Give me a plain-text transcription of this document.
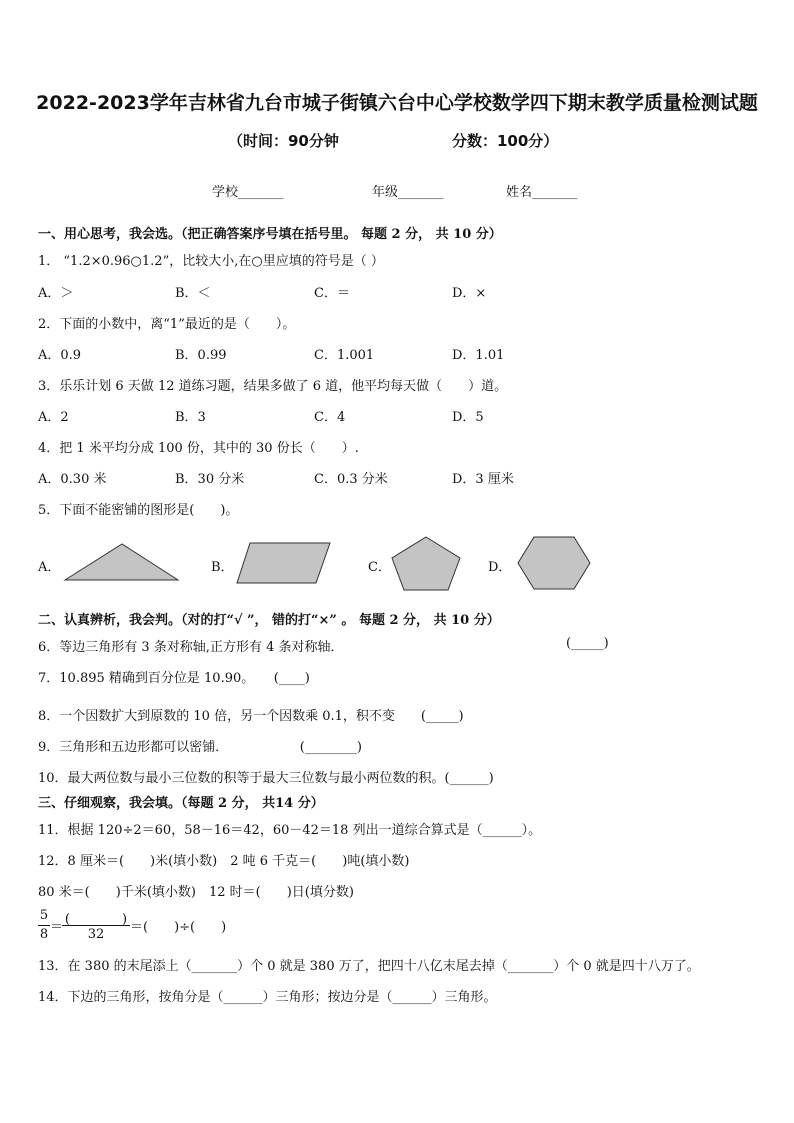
2022-2023学年吉林省九台市城子街镇六台中心学校数学四下期末教学质量检测试题
（时间：90分钟	分数：100分）
学校_______	年级_______	姓名_______
一、用心思考，我会选。（把正确答案序号填在括号里。 每题 2 分， 共 10 分）
1． “1.2×0.96○1.2”，比较大小,在○里应填的符号是（ ）
A．＞	B．＜	C．＝	D．×
2．下面的小数中，离“1”最近的是（　　）。
A．0.9	B．0.99	C．1.001	D．1.01
3．乐乐计划 6 天做 12 道练习题，结果多做了 6 道，他平均每天做（　　）道。
A．2	B．3	C．4	D．5
4．把 1 米平均分成 100 份，其中的 30 份长（　　）.
A．0.30 米	B．30 分米	C．0.3 分米	D．3 厘米
5．下面不能密铺的图形是(　　)。
A．	B．	C．	D．
二、认真辨析，我会判。（对的打“√ ”， 错的打“×” 。 每题 2 分， 共 10 分）
6．等边三角形有 3 条对称轴,正方形有 4 条对称轴．	(_____)
7．10.895 精确到百分位是 10.90。　　(____)
8．一个因数扩大到原数的 10 倍，另一个因数乘 0.1，积不变　　(_____)
9．三角形和五边形都可以密铺．　　　　　　(________)
10．最大两位数与最小三位数的积等于最大三位数与最小两位数的积。(______)
三、仔细观察，我会填。（每题 2 分， 共14 分）
11．根据 120÷2＝60，58－16＝42，60－42＝18 列出一道综合算式是（______）。
12．8 厘米＝(　　)米(填小数)　2 吨 6 千克＝(　　)吨(填小数)
80 米＝(　　)千米(填小数)　12 时＝(　　)日(填分数)
5
8 ＝
(　　　　)
32	＝(　　)÷(　　)
13．在 380 的末尾添上（_______）个 0 就是 380 万了，把四十八亿末尾去掉（_______）个 0 就是四十八万了。
14．下边的三角形，按角分是（______）三角形；按边分是（______）三角形。
